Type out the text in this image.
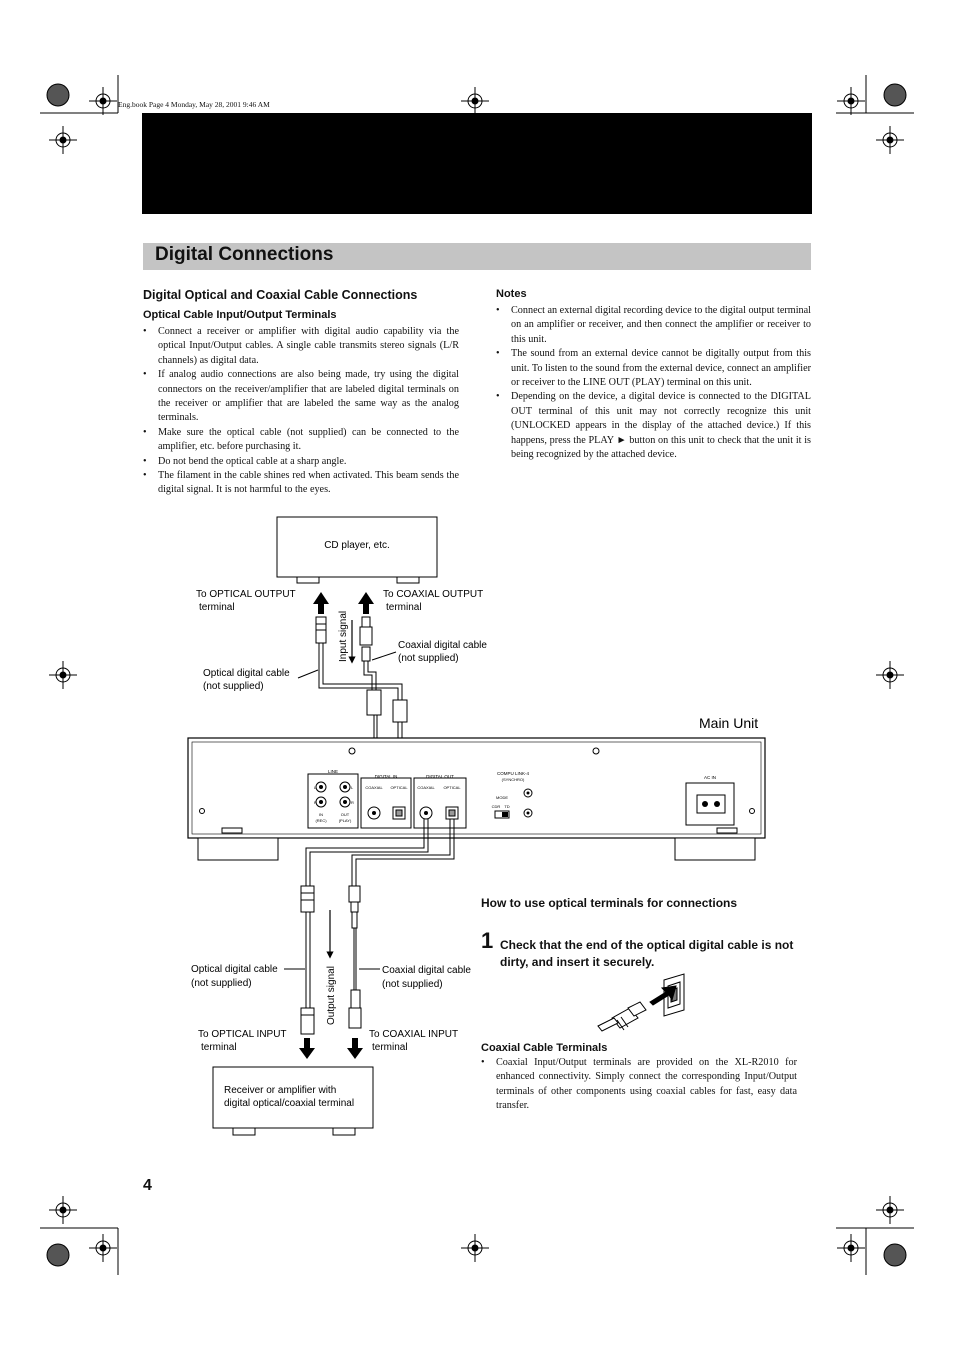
Eng.book Page 4 Monday, May 28, 2001 9:46 AM
Digital Connections
Digital Optical and Coaxial Cable Connections
Optical Cable Input/Output Terminals
• Connect a receiver or amplifier with digital audio capability via the optical Input/Output cables. A single cable transmits stereo signals (L/R channels) as digital data.
• If analog audio connections are also being made, try using the digital connectors on the receiver/amplifier that are labeled digital terminals on the receiver or amplifier that are labeled the same way as the analog terminals.
• Make sure the optical cable (not supplied) can be connected to the amplifier, etc. before purchasing it.
• Do not bend the optical cable at a sharp angle.
• The filament in the cable shines red when activated. This beam sends the digital signal. It is not harmful to the eyes.
Notes
• Connect an external digital recording device to the digital output terminal on an amplifier or receiver, and then connect the amplifier or receiver to this unit.
• The sound from an external device cannot be digitally output from this unit. To listen to the sound from the external device, connect an amplifier or receiver to the LINE OUT (PLAY) terminal on this unit.
• Depending on the device, a digital device is connected to the DIGITAL OUT terminal of this unit may not correctly recognize this unit (UNLOCKED appears in the display of the attached device.) If this happens, press the PLAY ► button on this unit to check that the unit it is being recognized by the attached device.
CD player, etc.
Input signal
To OPTICAL OUTPUT
terminal
To COAXIAL OUTPUT
terminal
Coaxial digital cable
(not supplied)
Optical digital cable
(not supplied)
Main Unit
LINE
L
R
L
R
IN
(REC)
OUT
(PLAY)
DIGITAL IN
COAXIAL OPTICAL
DIGITAL OUT
COAXIAL OPTICAL
COMPU LINK-4
(SYNCHRO)
MODE
CDR TD
AC IN
Output signal
Optical digital cable
(not supplied)
Coaxial digital cable
(not supplied)
To OPTICAL INPUT
terminal
To COAXIAL INPUT
terminal
Receiver or amplifier with
digital optical/coaxial terminal
How to use optical terminals for connections
1 Check that the end of the optical digital cable is not dirty, and insert it securely.
Coaxial Cable Terminals
• Coaxial Input/Output terminals are provided on the XL-R2010 for enhanced connectivity. Simply connect the corresponding Input/Output terminals of other components using coaxial cables for fast, easy data transfer.
4
